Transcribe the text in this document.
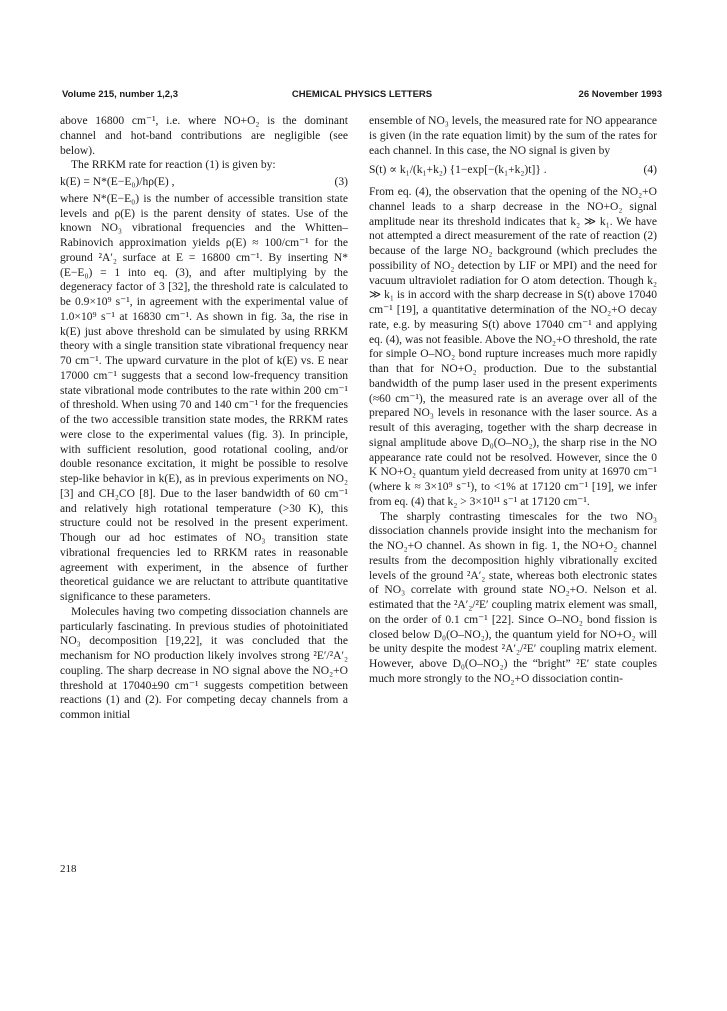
Volume 215, number 1,2,3	CHEMICAL PHYSICS LETTERS	26 November 1993

above 16800 cm⁻¹, i.e. where NO+O₂ is the dominant channel and hot-band contributions are negligible (see below).

The RRKM rate for reaction (1) is given by:

k(E) = N*(E−E₀)/hρ(E) ,	(3)

where N*(E−E₀) is the number of accessible transition state levels and ρ(E) is the parent density of states. Use of the known NO₃ vibrational frequencies and the Whitten–Rabinovich approximation yields ρ(E) ≈ 100/cm⁻¹ for the ground ²A′₂ surface at E = 16800 cm⁻¹. By inserting N*(E−E₀) = 1 into eq. (3), and after multiplying by the degeneracy factor of 3 [32], the threshold rate is calculated to be 0.9×10⁹ s⁻¹, in agreement with the experimental value of 1.0×10⁹ s⁻¹ at 16830 cm⁻¹. As shown in fig. 3a, the rise in k(E) just above threshold can be simulated by using RRKM theory with a single transition state vibrational frequency near 70 cm⁻¹. The upward curvature in the plot of k(E) vs. E near 17000 cm⁻¹ suggests that a second low-frequency transition state vibrational mode contributes to the rate within 200 cm⁻¹ of threshold. When using 70 and 140 cm⁻¹ for the frequencies of the two accessible transition state modes, the RRKM rates were close to the experimental values (fig. 3). In principle, with sufficient resolution, good rotational cooling, and/or double resonance excitation, it might be possible to resolve step-like behavior in k(E), as in previous experiments on NO₂ [3] and CH₂CO [8]. Due to the laser bandwidth of 60 cm⁻¹ and relatively high rotational temperature (>30 K), this structure could not be resolved in the present experiment. Though our ad hoc estimates of NO₃ transition state vibrational frequencies led to RRKM rates in reasonable agreement with experiment, in the absence of further theoretical guidance we are reluctant to attribute quantitative significance to these parameters.

Molecules having two competing dissociation channels are particularly fascinating. In previous studies of photoinitiated NO₃ decomposition [19,22], it was concluded that the mechanism for NO production likely involves strong ²E′/²A′₂ coupling. The sharp decrease in NO signal above the NO₂+O threshold at 17040±90 cm⁻¹ suggests competition between reactions (1) and (2). For competing decay channels from a common initial

ensemble of NO₃ levels, the measured rate for NO appearance is given (in the rate equation limit) by the sum of the rates for each channel. In this case, the NO signal is given by

S(t) ∝ k₁/(k₁+k₂) {1−exp[−(k₁+k₂)t]} .	(4)

From eq. (4), the observation that the opening of the NO₂+O channel leads to a sharp decrease in the NO+O₂ signal amplitude near its threshold indicates that k₂ ≫ k₁. We have not attempted a direct measurement of the rate of reaction (2) because of the large NO₂ background (which precludes the possibility of NO₂ detection by LIF or MPI) and the need for vacuum ultraviolet radiation for O atom detection. Though k₂ ≫ k₁ is in accord with the sharp decrease in S(t) above 17040 cm⁻¹ [19], a quantitative determination of the NO₂+O decay rate, e.g. by measuring S(t) above 17040 cm⁻¹ and applying eq. (4), was not feasible. Above the NO₂+O threshold, the rate for simple O–NO₂ bond rupture increases much more rapidly than that for NO+O₂ production. Due to the substantial bandwidth of the pump laser used in the present experiments (≈60 cm⁻¹), the measured rate is an average over all of the prepared NO₃ levels in resonance with the laser source. As a result of this averaging, together with the sharp decrease in signal amplitude above D₀(O–NO₂), the sharp rise in the NO appearance rate could not be resolved. However, since the 0 K NO+O₂ quantum yield decreased from unity at 16970 cm⁻¹ (where k ≈ 3×10⁹ s⁻¹), to <1% at 17120 cm⁻¹ [19], we infer from eq. (4) that k₂ > 3×10¹¹ s⁻¹ at 17120 cm⁻¹.

The sharply contrasting timescales for the two NO₃ dissociation channels provide insight into the mechanism for the NO₂+O channel. As shown in fig. 1, the NO+O₂ channel results from the decomposition highly vibrationally excited levels of the ground ²A′₂ state, whereas both electronic states of NO₃ correlate with ground state NO₂+O. Nelson et al. estimated that the ²A′₂/²E′ coupling matrix element was small, on the order of 0.1 cm⁻¹ [22]. Since O–NO₂ bond fission is closed below D₀(O–NO₂), the quantum yield for NO+O₂ will be unity despite the modest ²A′₂/²E′ coupling matrix element. However, above D₀(O–NO₂) the “bright” ²E′ state couples much more strongly to the NO₂+O dissociation contin-

218
